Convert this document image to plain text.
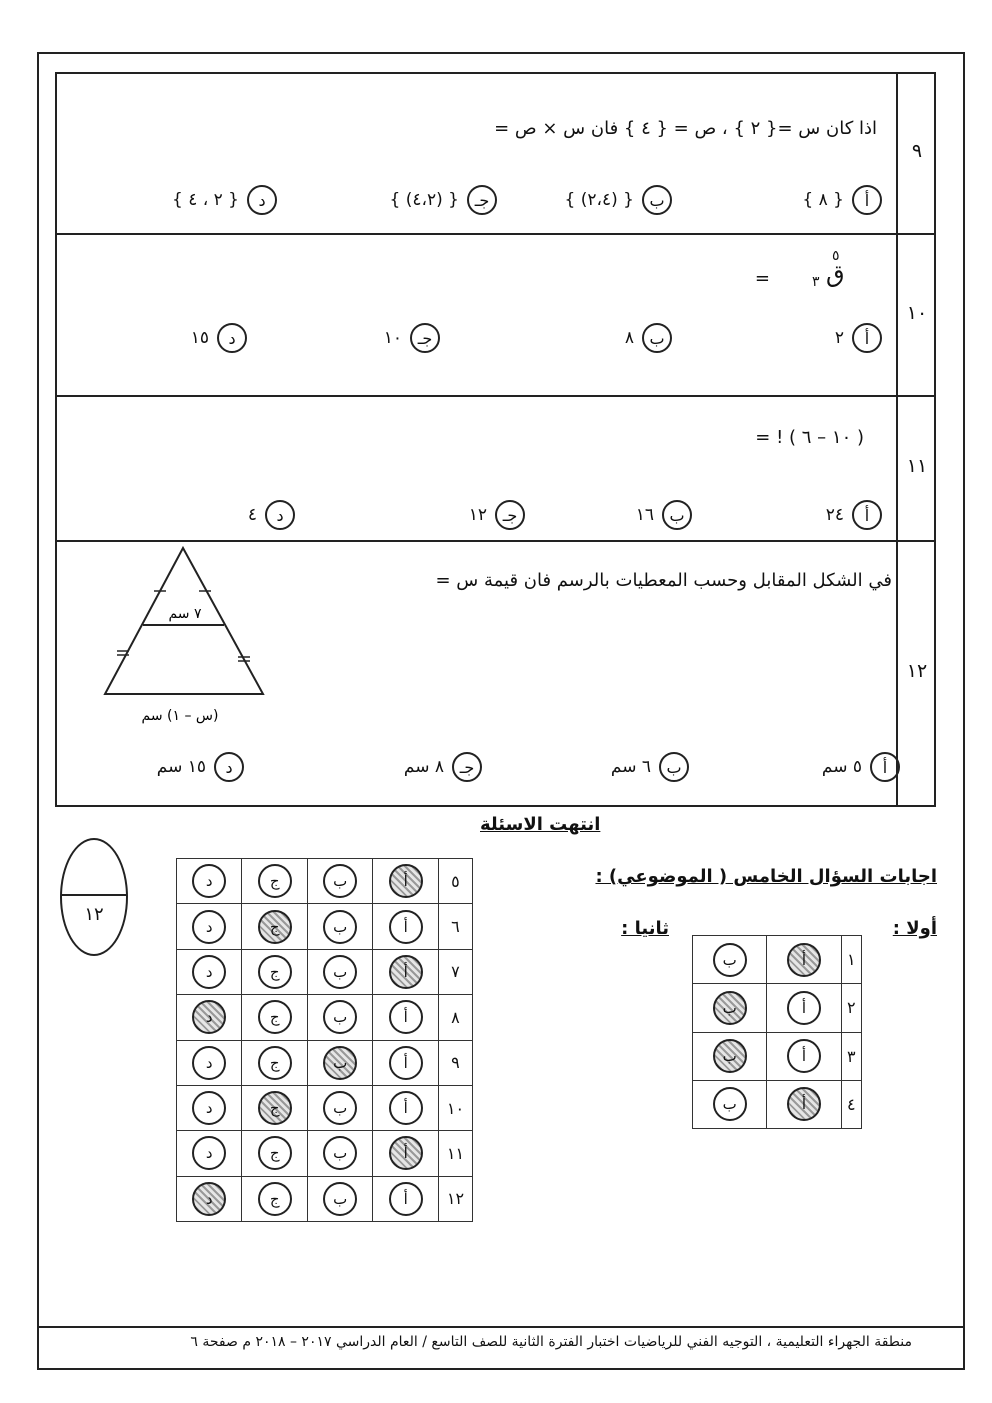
٩
اذا كان س ={ ٢ } ، ص = { ٤ } فان س × ص =
أ
{ ٨ }
ب
{ (٢،٤) }
جـ
{ (٤،٢) }
د
{ ٢ ، ٤ }
١٠
٥
ق
٣
=
أ
٢
ب
٨
جـ
١٠
د
١٥
١١
( ١٠ – ٦ ) ! =
أ
٢٤
ب
١٦
جـ
١٢
د
٤
١٢
في الشكل المقابل وحسب المعطيات بالرسم فان قيمة س =
٧ سم
(س – ١) سم
أ
٥ سم
ب
٦ سم
جـ
٨ سم
د
١٥ سم
انتهت الاسئلة
١٢
اجابات السؤال الخامس ( الموضوعي) :
أولا :
ثانيا :
ب	أ	١
ب	أ	٢
ب	أ	٣
ب	أ	٤
د	ج	ب	أ	٥
د	ج	ب	أ	٦
د	ج	ب	أ	٧
د	ج	ب	أ	٨
د	ج	ب	أ	٩
د	ج	ب	أ	١٠
د	ج	ب	أ	١١
د	ج	ب	أ	١٢
منطقة الجهراء التعليمية ، التوجيه الفني للرياضيات اختبار الفترة الثانية للصف التاسع / العام الدراسي ٢٠١٧ – ٢٠١٨ م صفحة ٦
